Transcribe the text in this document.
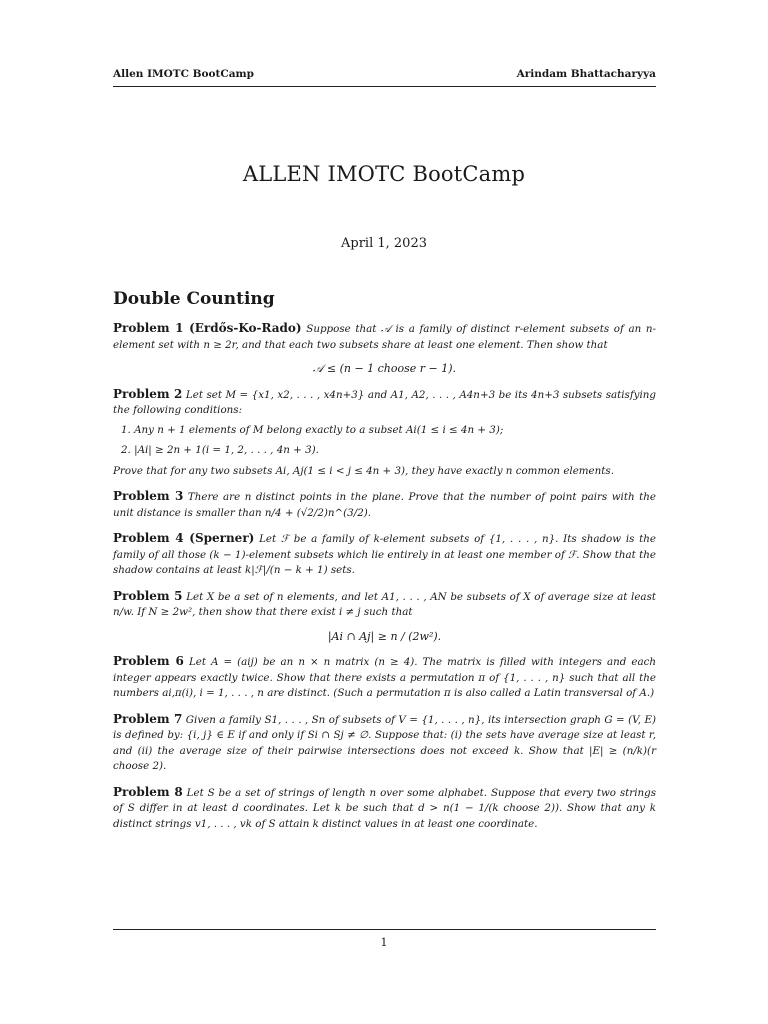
Allen IMOTC BootCamp	Arindam Bhattacharyya
ALLEN IMOTC BootCamp
April 1, 2023
Double Counting
Problem 1 (Erdős-Ko-Rado) Suppose that 𝒜 is a family of distinct r-element subsets of an n-element set with n ≥ 2r, and that each two subsets share at least one element. Then show that
𝒜 ≤ (n − 1 choose r − 1).
Problem 2 Let set M = {x1, x2, . . . , x4n+3} and A1, A2, . . . , A4n+3 be its 4n+3 subsets satisfying the following conditions:
1. Any n + 1 elements of M belong exactly to a subset Ai(1 ≤ i ≤ 4n + 3);
2. |Ai| ≥ 2n + 1(i = 1, 2, . . . , 4n + 3).
Prove that for any two subsets Ai, Aj(1 ≤ i < j ≤ 4n + 3), they have exactly n common elements.
Problem 3 There are n distinct points in the plane. Prove that the number of point pairs with the unit distance is smaller than n/4 + (√2/2)n^(3/2).
Problem 4 (Sperner) Let ℱ be a family of k-element subsets of {1, . . . , n}. Its shadow is the family of all those (k − 1)-element subsets which lie entirely in at least one member of ℱ. Show that the shadow contains at least k|ℱ|/(n − k + 1) sets.
Problem 5 Let X be a set of n elements, and let A1, . . . , AN be subsets of X of average size at least n/w. If N ≥ 2w², then show that there exist i ≠ j such that
|Ai ∩ Aj| ≥ n / (2w²).
Problem 6 Let A = (aij) be an n × n matrix (n ≥ 4). The matrix is filled with integers and each integer appears exactly twice. Show that there exists a permutation π of {1, . . . , n} such that all the numbers ai,π(i), i = 1, . . . , n are distinct. (Such a permutation π is also called a Latin transversal of A.)
Problem 7 Given a family S1, . . . , Sn of subsets of V = {1, . . . , n}, its intersection graph G = (V, E) is defined by: {i, j} ∈ E if and only if Si ∩ Sj ≠ ∅. Suppose that: (i) the sets have average size at least r, and (ii) the average size of their pairwise intersections does not exceed k. Show that |E| ≥ (n/k)(r choose 2).
Problem 8 Let S be a set of strings of length n over some alphabet. Suppose that every two strings of S differ in at least d coordinates. Let k be such that d > n(1 − 1/(k choose 2)). Show that any k distinct strings v1, . . . , vk of S attain k distinct values in at least one coordinate.
1
